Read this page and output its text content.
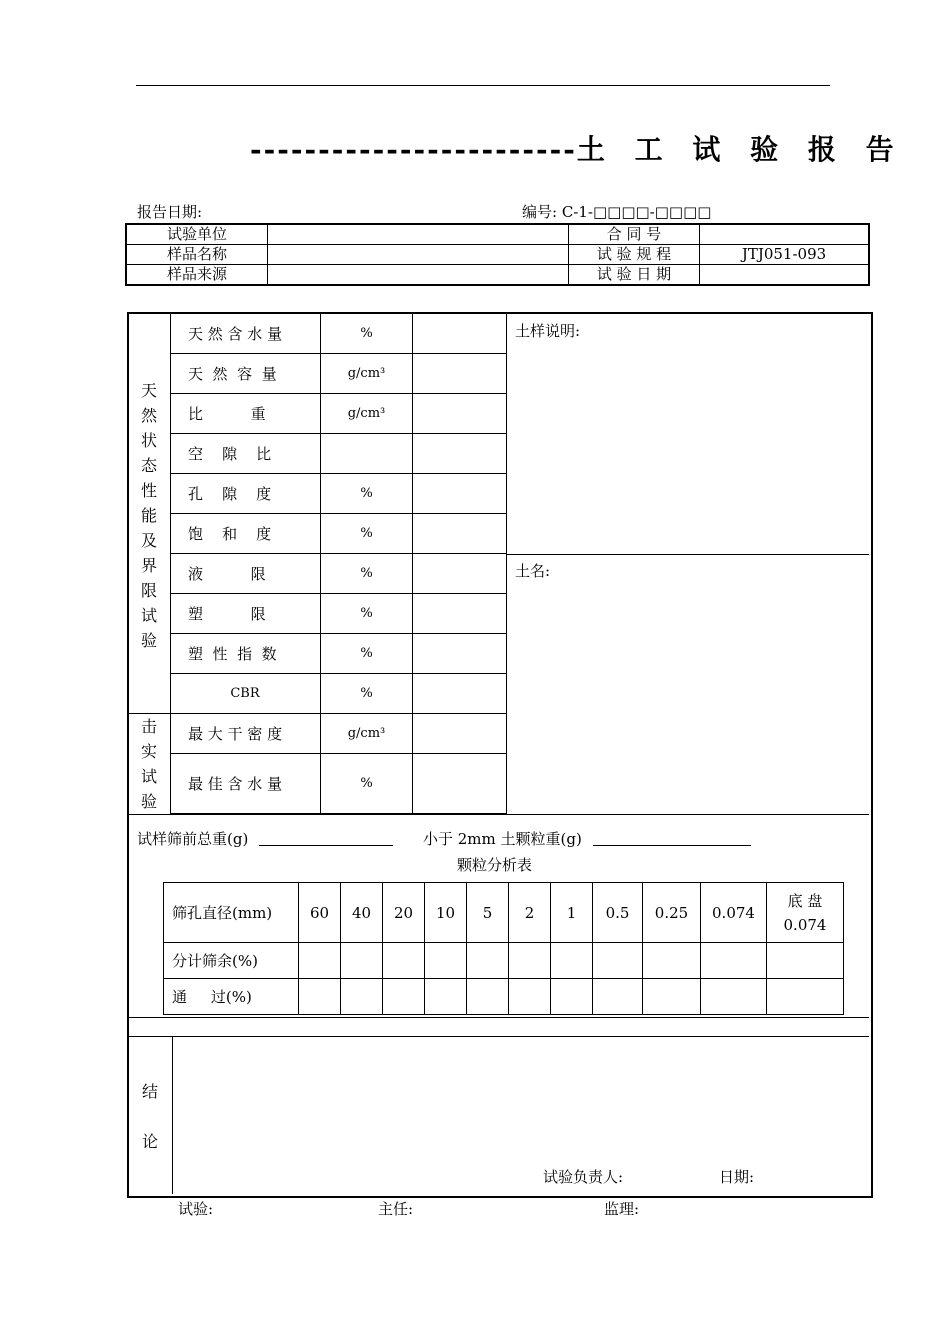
------------------------土 工 试 验 报 告
报告日期:	编号: C-1-□□□□-□□□□
试验单位		合 同 号	
样品名称		试 验 规 程	JTJ051-093
样品来源		试 验 日 期	
天
然
状
态
性
能
及
界
限
试
验
击
实
试
验
天 然 含 水 量	%
天  然  容  量	g/cm³
比          重	g/cm³
空    隙    比
孔    隙    度	%
饱    和    度	%
液          限	%
塑          限	%
塑  性  指  数	%
CBR	%
最 大 干 密 度	g/cm³
最 佳 含 水 量	%
土样说明:
土名:
试样筛前总重(g)	小于 2mm 土颗粒重(g)
颗粒分析表
结
论
试验负责人:	日期:
筛孔直径(mm)	60	40	20	10	5	2	1	0.5	0.25	0.074	底 盘
0.074
分计筛余(%)											
通     过(%)											
试验:	主任:	监理:
